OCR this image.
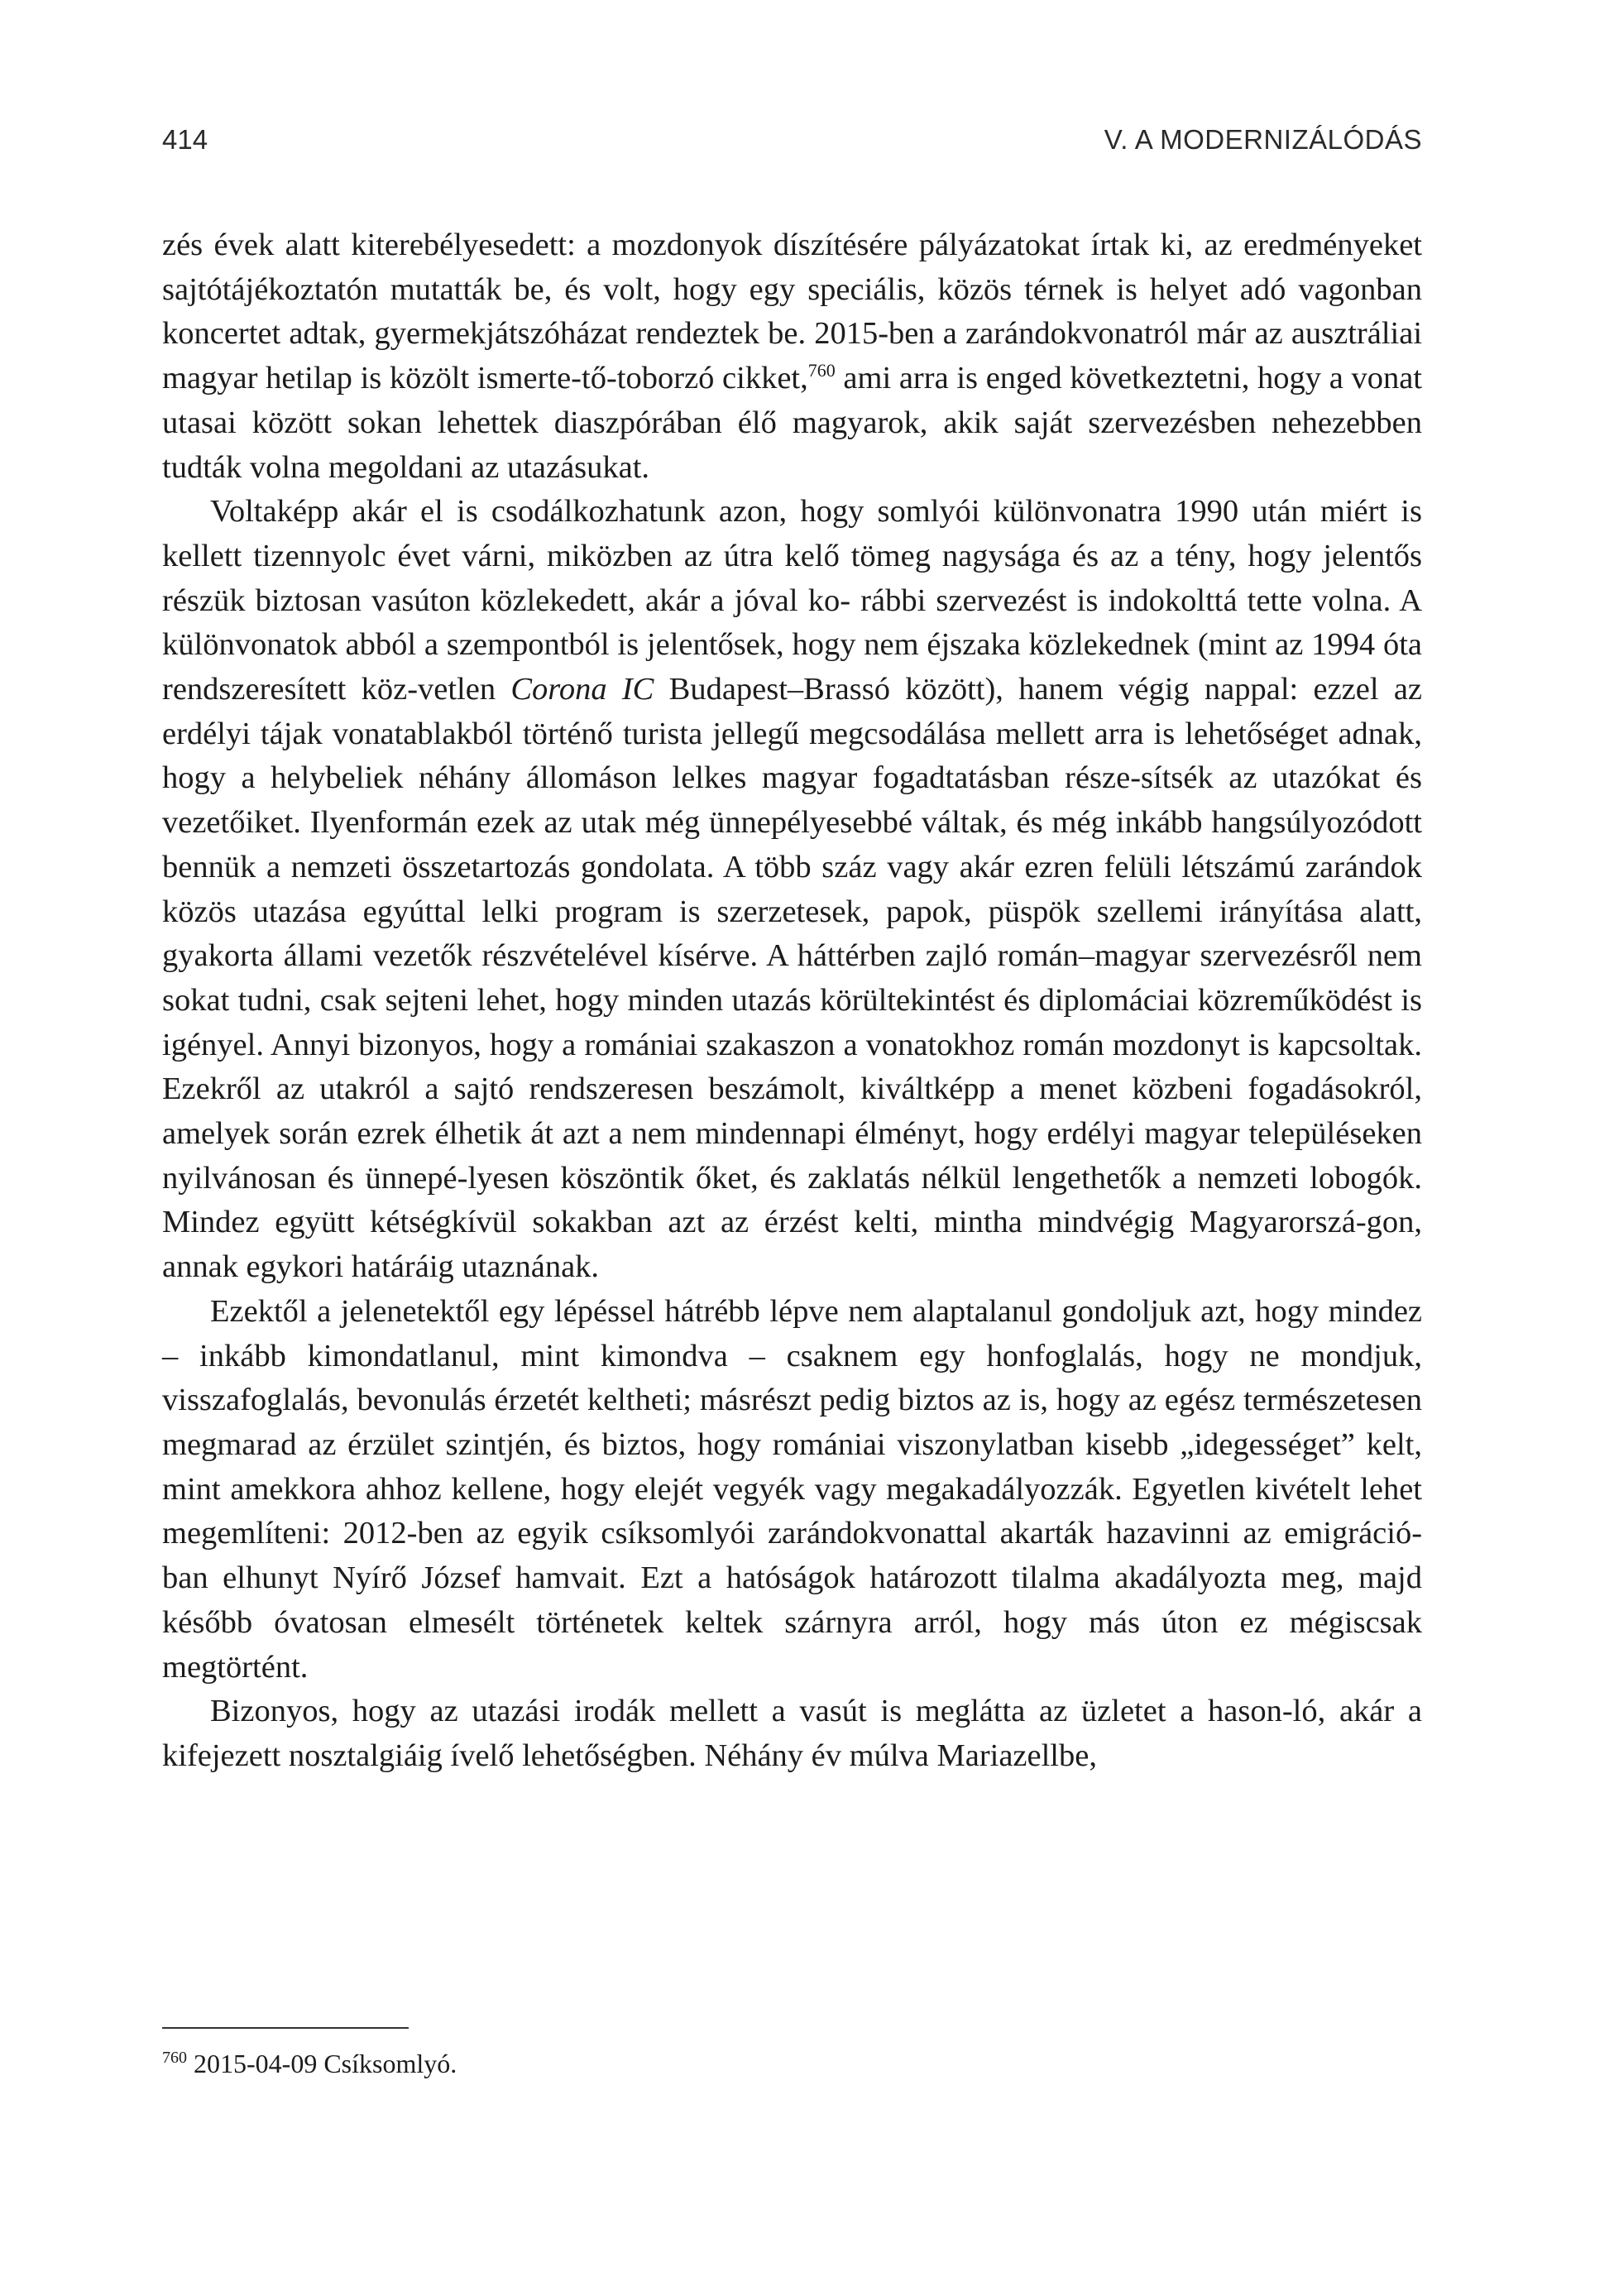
414	V. A MODERNIZÁLÓDÁS

zés évek alatt kiterebélyesedett: a mozdonyok díszítésére pályázatokat írtak ki, az eredményeket sajtótájékoztatón mutatták be, és volt, hogy egy speciális, közös térnek is helyet adó vagonban koncertet adtak, gyermekjátszóházat rendeztek be. 2015-ben a zarándokvonatról már az ausztráliai magyar hetilap is közölt ismerte-tő-toborzó cikket,$^{760}$ ami arra is enged következtetni, hogy a vonat utasai között sokan lehettek diaszpórában élő magyarok, akik saját szervezésben nehezebben tudták volna megoldani az utazásukat.

Voltaképp akár el is csodálkozhatunk azon, hogy somlyói különvonatra 1990 után miért is kellett tizennyolc évet várni, miközben az útra kelő tömeg nagysága és az a tény, hogy jelentős részük biztosan vasúton közlekedett, akár a jóval ko- rábbi szervezést is indokolttá tette volna. A különvonatok abból a szempontból is jelentősek, hogy nem éjszaka közlekednek (mint az 1994 óta rendszeresített köz-vetlen Corona IC Budapest–Brassó között), hanem végig nappal: ezzel az erdélyi tájak vonatablakból történő turista jellegű megcsodálása mellett arra is lehetőséget adnak, hogy a helybeliek néhány állomáson lelkes magyar fogadtatásban része-sítsék az utazókat és vezetőiket. Ilyenformán ezek az utak még ünnepélyesebbé váltak, és még inkább hangsúlyozódott bennük a nemzeti összetartozás gondolata. A több száz vagy akár ezren felüli létszámú zarándok közös utazása egyúttal lelki program is szerzetesek, papok, püspök szellemi irányítása alatt, gyakorta állami vezetők részvételével kísérve. A háttérben zajló román–magyar szervezésről nem sokat tudni, csak sejteni lehet, hogy minden utazás körültekintést és diplomáciai közreműködést is igényel. Annyi bizonyos, hogy a romániai szakaszon a vonatokhoz román mozdonyt is kapcsoltak. Ezekről az utakról a sajtó rendszeresen beszámolt, kiváltképp a menet közbeni fogadásokról, amelyek során ezrek élhetik át azt a nem mindennapi élményt, hogy erdélyi magyar településeken nyilvánosan és ünnepé-lyesen köszöntik őket, és zaklatás nélkül lengethetők a nemzeti lobogók. Mindez együtt kétségkívül sokakban azt az érzést kelti, mintha mindvégig Magyarorszá-gon, annak egykori határáig utaznának.

Ezektől a jelenetektől egy lépéssel hátrébb lépve nem alaptalanul gondoljuk azt, hogy mindez – inkább kimondatlanul, mint kimondva – csaknem egy honfoglalás, hogy ne mondjuk, visszafoglalás, bevonulás érzetét keltheti; másrészt pedig biztos az is, hogy az egész természetesen megmarad az érzület szintjén, és biztos, hogy romániai viszonylatban kisebb „idegességet” kelt, mint amekkora ahhoz kellene, hogy elejét vegyék vagy megakadályozzák. Egyetlen kivételt lehet megemlíteni: 2012-ben az egyik csíksomlyói zarándokvonattal akarták hazavinni az emigráció-ban elhunyt Nyírő József hamvait. Ezt a hatóságok határozott tilalma akadályozta meg, majd később óvatosan elmesélt történetek keltek szárnyra arról, hogy más úton ez mégiscsak megtörtént.

Bizonyos, hogy az utazási irodák mellett a vasút is meglátta az üzletet a hason-ló, akár a kifejezett nosztalgiáig ívelő lehetőségben. Néhány év múlva Mariazellbe,

$^{760}$ 2015-04-09 Csíksomlyó.
